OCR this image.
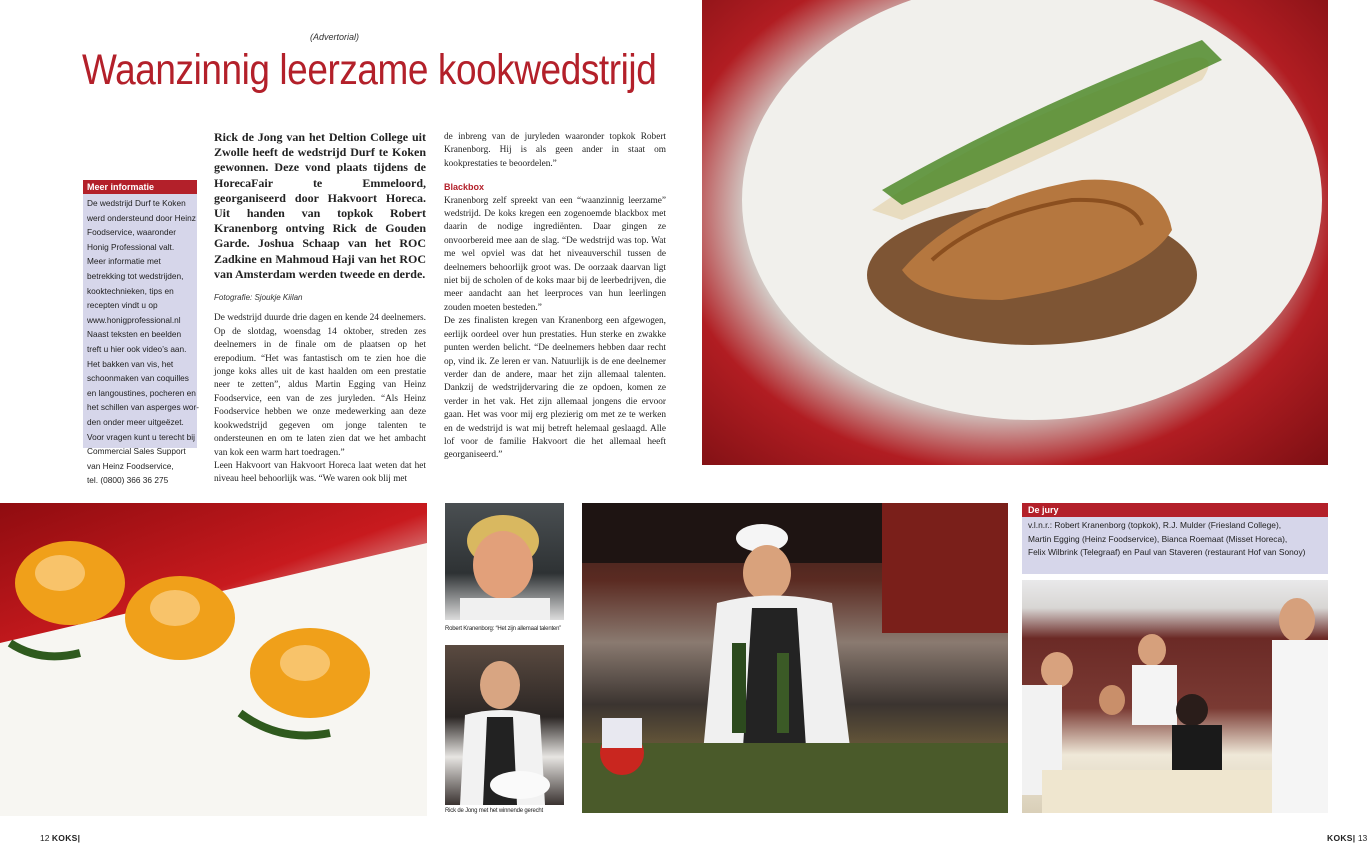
(Advertorial)
Waanzinnig leerzame kookwedstrijd
Meer informatie
De wedstrijd Durf te Koken
werd ondersteund door Heinz
Foodservice, waaronder
Honig Professional valt.
Meer informatie met
betrekking tot wedstrijden,
kooktechnieken, tips en
recepten vindt u op
www.honigprofessional.nl
Naast teksten en beelden
treft u hier ook video’s aan.
Het bakken van vis, het
schoonmaken van coquilles
en langoustines, pocheren en
het schillen van asperges wor-
den onder meer uitgeëzet.
Voor vragen kunt u terecht bij
Commercial Sales Support
van Heinz Foodservice,
tel. (0800) 366 36 275

Rick de Jong van het Deltion College uit Zwolle heeft de wedstrijd Durf te Koken gewonnen. Deze vond plaats tijdens de HorecaFair te Emmeloord, georganiseerd door Hakvoort Horeca. Uit handen van topkok Robert Kranenborg ontving Rick de Gouden Garde. Joshua Schaap van het ROC Zadkine en Mahmoud Haji van het ROC van Amsterdam werden tweede en derde.

Fotografie: Sjoukje Kiilan

De wedstrijd duurde drie dagen en kende 24 deelnemers. Op de slotdag, woensdag 14 oktober, streden zes deelnemers in de finale om de plaatsen op het erepodium. “Het was fantastisch om te zien hoe die jonge koks alles uit de kast haalden om een prestatie neer te zetten”, aldus Martin Egging van Heinz Foodservice, een van de zes juryleden. “Als Heinz Foodservice hebben we onze medewerking aan deze kookwedstrijd gegeven om jonge talenten te ondersteunen en om te laten zien dat we het ambacht van kok een warm hart toedragen.”

Leen Hakvoort van Hakvoort Horeca laat weten dat het niveau heel behoorlijk was. “We waren ook blij met

de inbreng van de juryleden waaronder topkok Robert Kranenborg. Hij is als geen ander in staat om kookprestaties te beoordelen.”

Blackbox

Kranenborg zelf spreekt van een “waanzinnig leerzame” wedstrijd. De koks kregen een zogenoemde blackbox met daarin de nodige ingrediënten. Daar gingen ze onvoorbereid mee aan de slag. “De wedstrijd was top. Wat me wel opviel was dat het niveauverschil tussen de deelnemers behoorlijk groot was. De oorzaak daarvan ligt niet bij de scholen of de koks maar bij de leerbedrijven, die meer aandacht aan het leerproces van hun leerlingen zouden moeten besteden.”

De zes finalisten kregen van Kranenborg een afgewogen, eerlijk oordeel over hun prestaties. Hun sterke en zwakke punten werden belicht. “De deelnemers hebben daar recht op, vind ik. Ze leren er van. Natuurlijk is de ene deelnemer verder dan de andere, maar het zijn allemaal talenten. Dankzij de wedstrijdervaring die ze opdoen, komen ze verder in het vak. Het zijn allemaal jongens die ervoor gaan. Het was voor mij erg plezierig om met ze te werken en de wedstrijd is wat mij betreft helemaal geslaagd. Alle lof voor de familie Hakvoort die het allemaal heeft georganiseerd.”

Robert Kranenborg: “Het zijn allemaal talenten”
Rick de Jong met het winnende gerecht
De jury
v.l.n.r.: Robert Kranenborg (topkok), R.J. Mulder (Friesland College),
Martin Egging (Heinz Foodservice), Bianca Roemaat (Misset Horeca),
Felix Wilbrink (Telegraaf) en Paul van Staveren (restaurant Hof van Sonoy)
12 KOKS|	KOKS| 13
